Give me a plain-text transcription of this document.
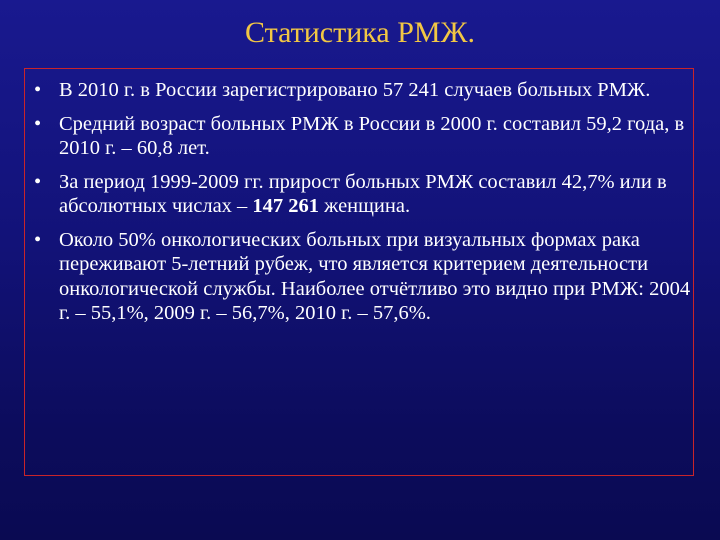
Статистика РМЖ.
• В 2010 г. в России зарегистрировано 57 241 случаев больных РМЖ.
• Средний возраст больных РМЖ в России в 2000 г. составил 59,2 года, в 2010 г. – 60,8 лет.
• За период 1999-2009 гг. прирост больных РМЖ составил 42,7% или в абсолютных числах – 147 261 женщина.
• Около 50% онкологических больных при визуальных формах рака переживают 5-летний рубеж, что является критерием деятельности онкологической службы. Наиболее отчётливо это видно при РМЖ: 2004 г. – 55,1%, 2009 г. – 56,7%, 2010 г. – 57,6%.
